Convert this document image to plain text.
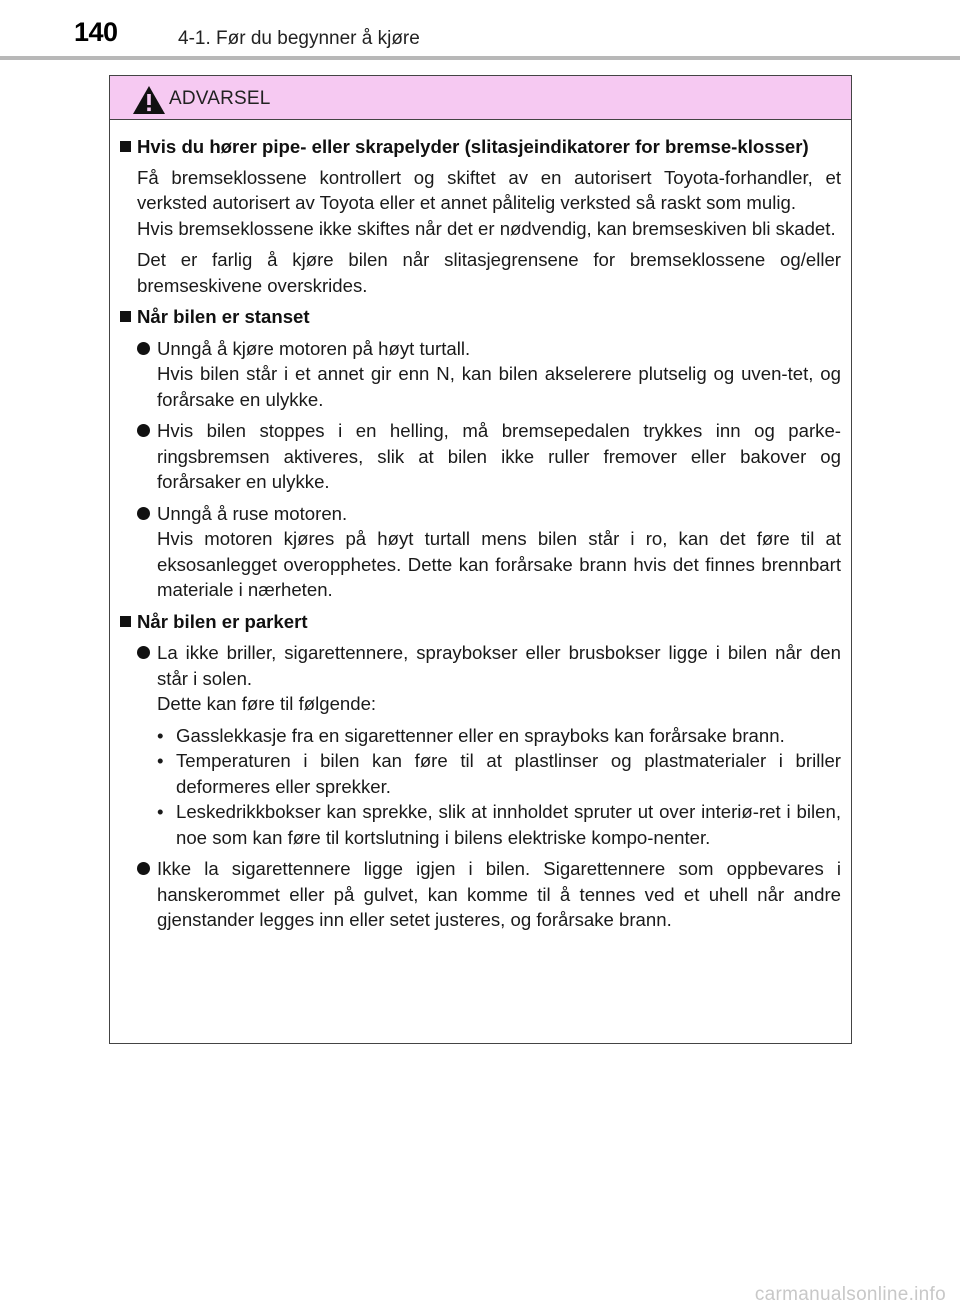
140	4-1. Før du begynner å kjøre
ADVARSEL
Hvis du hører pipe- eller skrapelyder (slitasjeindikatorer for bremse-klosser)
Få bremseklossene kontrollert og skiftet av en autorisert Toyota-forhandler, et verksted autorisert av Toyota eller et annet pålitelig verksted så raskt som mulig.
Hvis bremseklossene ikke skiftes når det er nødvendig, kan bremseskiven bli skadet.
Det er farlig å kjøre bilen når slitasjegrensene for bremseklossene og/eller bremseskivene overskrides.
Når bilen er stanset
Unngå å kjøre motoren på høyt turtall.
Hvis bilen står i et annet gir enn N, kan bilen akselerere plutselig og uven-tet, og forårsake en ulykke.
Hvis bilen stoppes i en helling, må bremsepedalen trykkes inn og parke-ringsbremsen aktiveres, slik at bilen ikke ruller fremover eller bakover og forårsaker en ulykke.
Unngå å ruse motoren.
Hvis motoren kjøres på høyt turtall mens bilen står i ro, kan det føre til at eksosanlegget overopphetes. Dette kan forårsake brann hvis det finnes brennbart materiale i nærheten.
Når bilen er parkert
La ikke briller, sigarettennere, spraybokser eller brusbokser ligge i bilen når den står i solen.
Dette kan føre til følgende:
• Gasslekkasje fra en sigarettenner eller en sprayboks kan forårsake brann.
• Temperaturen i bilen kan føre til at plastlinser og plastmaterialer i briller deformeres eller sprekker.
• Leskedrikkbokser kan sprekke, slik at innholdet spruter ut over interiø-ret i bilen, noe som kan føre til kortslutning i bilens elektriske kompo-nenter.
Ikke la sigarettennere ligge igjen i bilen. Sigarettennere som oppbevares i hanskerommet eller på gulvet, kan komme til å tennes ved et uhell når andre gjenstander legges inn eller setet justeres, og forårsake brann.
carmanualsonline.info
